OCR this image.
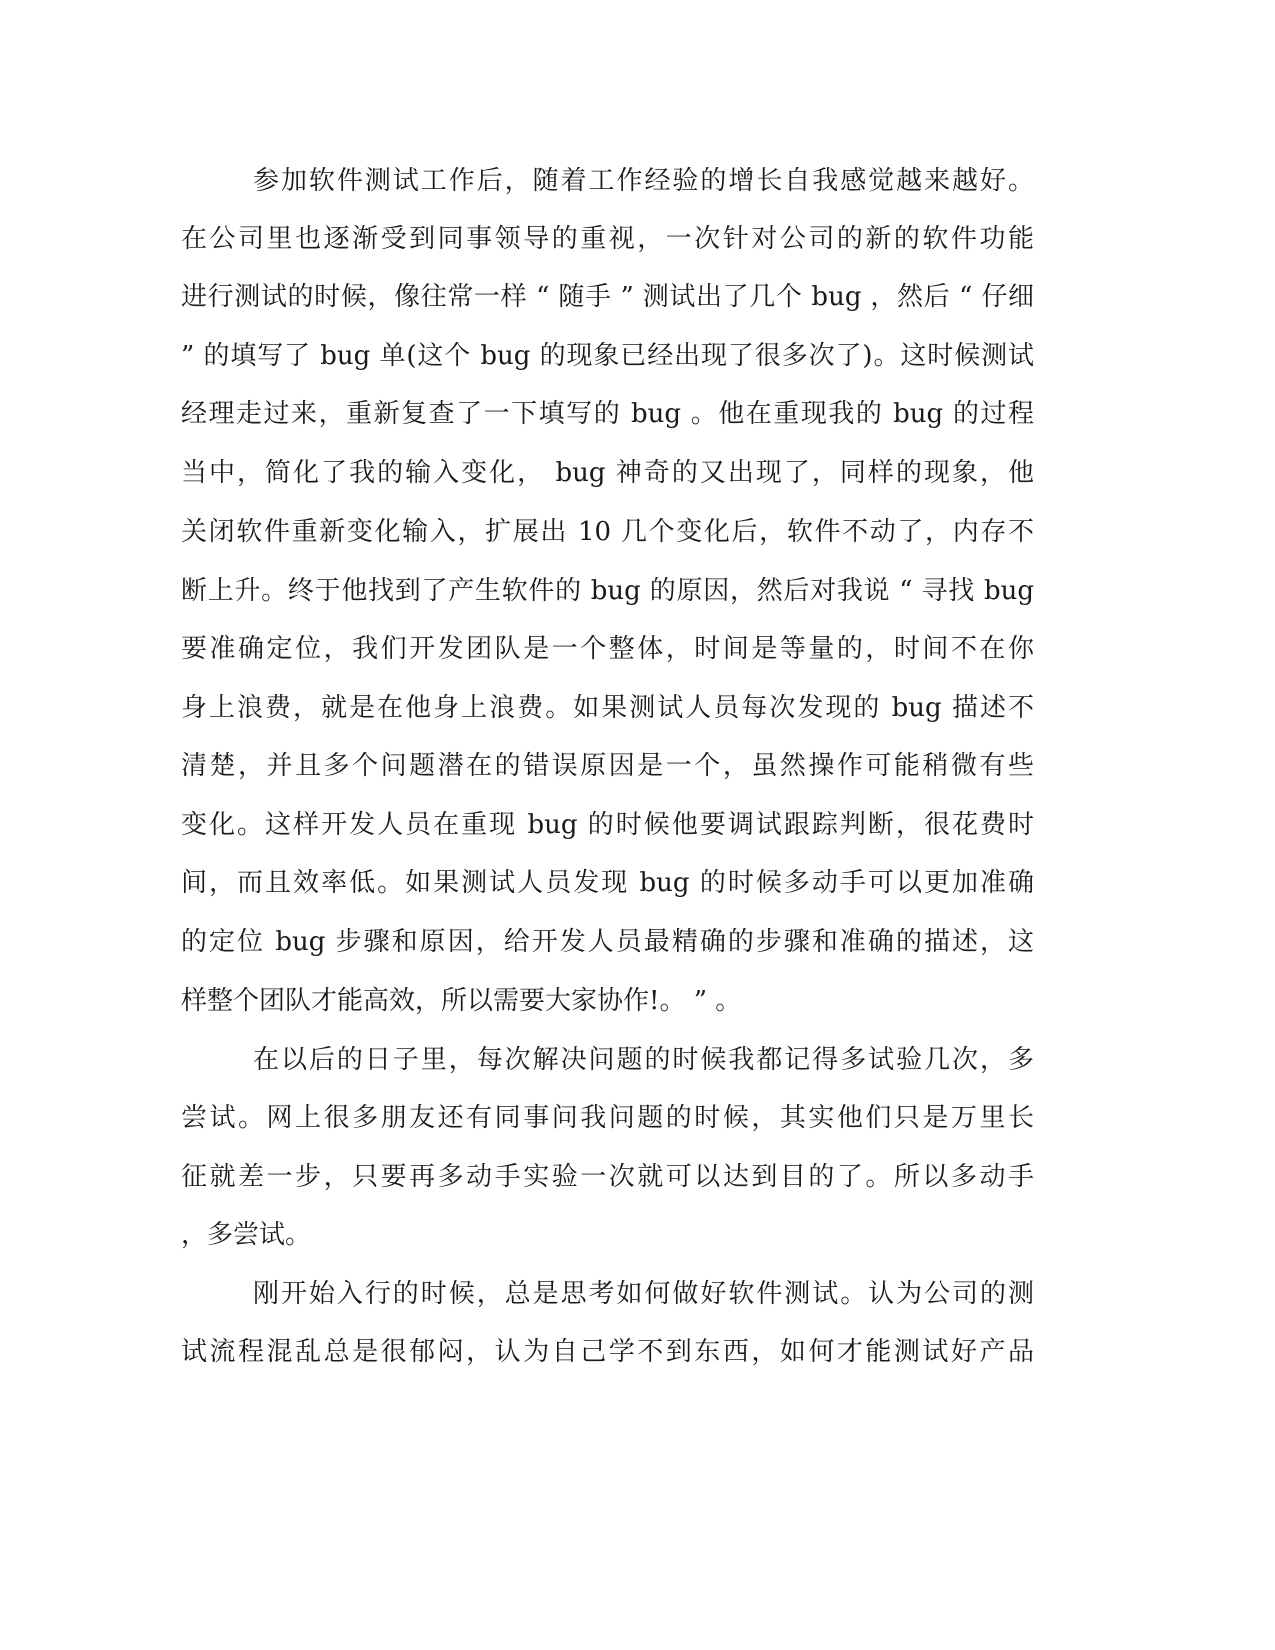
参加软件测试工作后，随着工作经验的增长自我感觉越来越好。

在公司里也逐渐受到同事领导的重视，一次针对公司的新的软件功能

进行测试的时候，像往常一样 “ 随手 ” 测试出了几个 bug ，然后 “ 仔细

” 的填写了 bug 单(这个 bug 的现象已经出现了很多次了)。这时候测试

经理走过来，重新复查了一下填写的 bug 。他在重现我的 bug 的过程

当中，简化了我的输入变化， bug 神奇的又出现了，同样的现象，他

关闭软件重新变化输入，扩展出 10 几个变化后，软件不动了，内存不

断上升。终于他找到了产生软件的 bug 的原因，然后对我说 “ 寻找 bug

要准确定位，我们开发团队是一个整体，时间是等量的，时间不在你

身上浪费，就是在他身上浪费。如果测试人员每次发现的 bug 描述不

清楚，并且多个问题潜在的错误原因是一个，虽然操作可能稍微有些

变化。这样开发人员在重现 bug 的时候他要调试跟踪判断，很花费时

间，而且效率低。如果测试人员发现 bug 的时候多动手可以更加准确

的定位 bug 步骤和原因，给开发人员最精确的步骤和准确的描述，这

样整个团队才能高效，所以需要大家协作!。 ” 。

在以后的日子里，每次解决问题的时候我都记得多试验几次，多

尝试。网上很多朋友还有同事问我问题的时候，其实他们只是万里长

征就差一步，只要再多动手实验一次就可以达到目的了。所以多动手

，多尝试。

刚开始入行的时候，总是思考如何做好软件测试。认为公司的测

试流程混乱总是很郁闷，认为自己学不到东西，如何才能测试好产品
